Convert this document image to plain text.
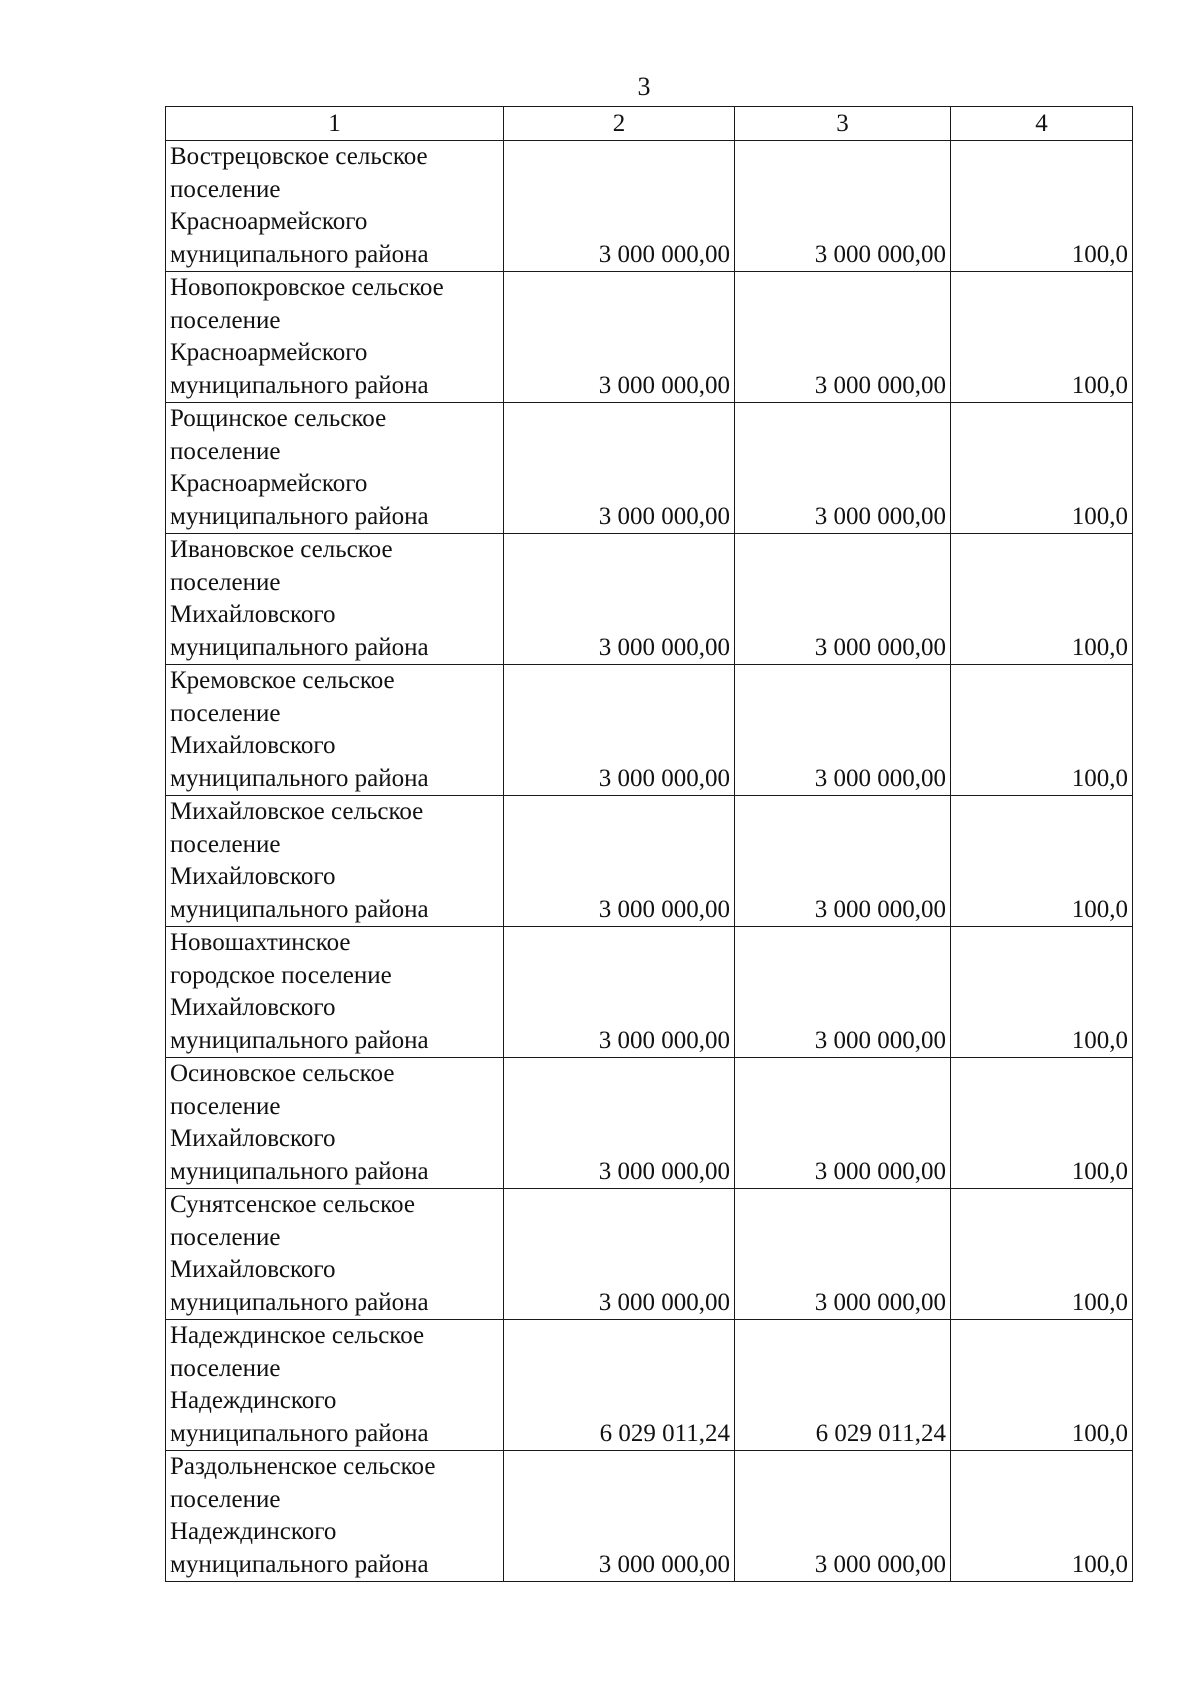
3
1	2	3	4

Вострецовское сельское
поселение
Красноармейского
муниципального района	3 000 000,00	3 000 000,00	100,0

Новопокровское сельское
поселение
Красноармейского
муниципального района	3 000 000,00	3 000 000,00	100,0

Рощинское сельское
поселение
Красноармейского
муниципального района	3 000 000,00	3 000 000,00	100,0

Ивановское сельское
поселение
Михайловского
муниципального района	3 000 000,00	3 000 000,00	100,0

Кремовское сельское
поселение
Михайловского
муниципального района	3 000 000,00	3 000 000,00	100,0

Михайловское сельское
поселение
Михайловского
муниципального района	3 000 000,00	3 000 000,00	100,0

Новошахтинское
городское поселение
Михайловского
муниципального района	3 000 000,00	3 000 000,00	100,0

Осиновское сельское
поселение
Михайловского
муниципального района	3 000 000,00	3 000 000,00	100,0

Сунятсенское сельское
поселение
Михайловского
муниципального района	3 000 000,00	3 000 000,00	100,0

Надеждинское сельское
поселение
Надеждинского
муниципального района	6 029 011,24	6 029 011,24	100,0

Раздольненское сельское
поселение
Надеждинского
муниципального района	3 000 000,00	3 000 000,00	100,0
